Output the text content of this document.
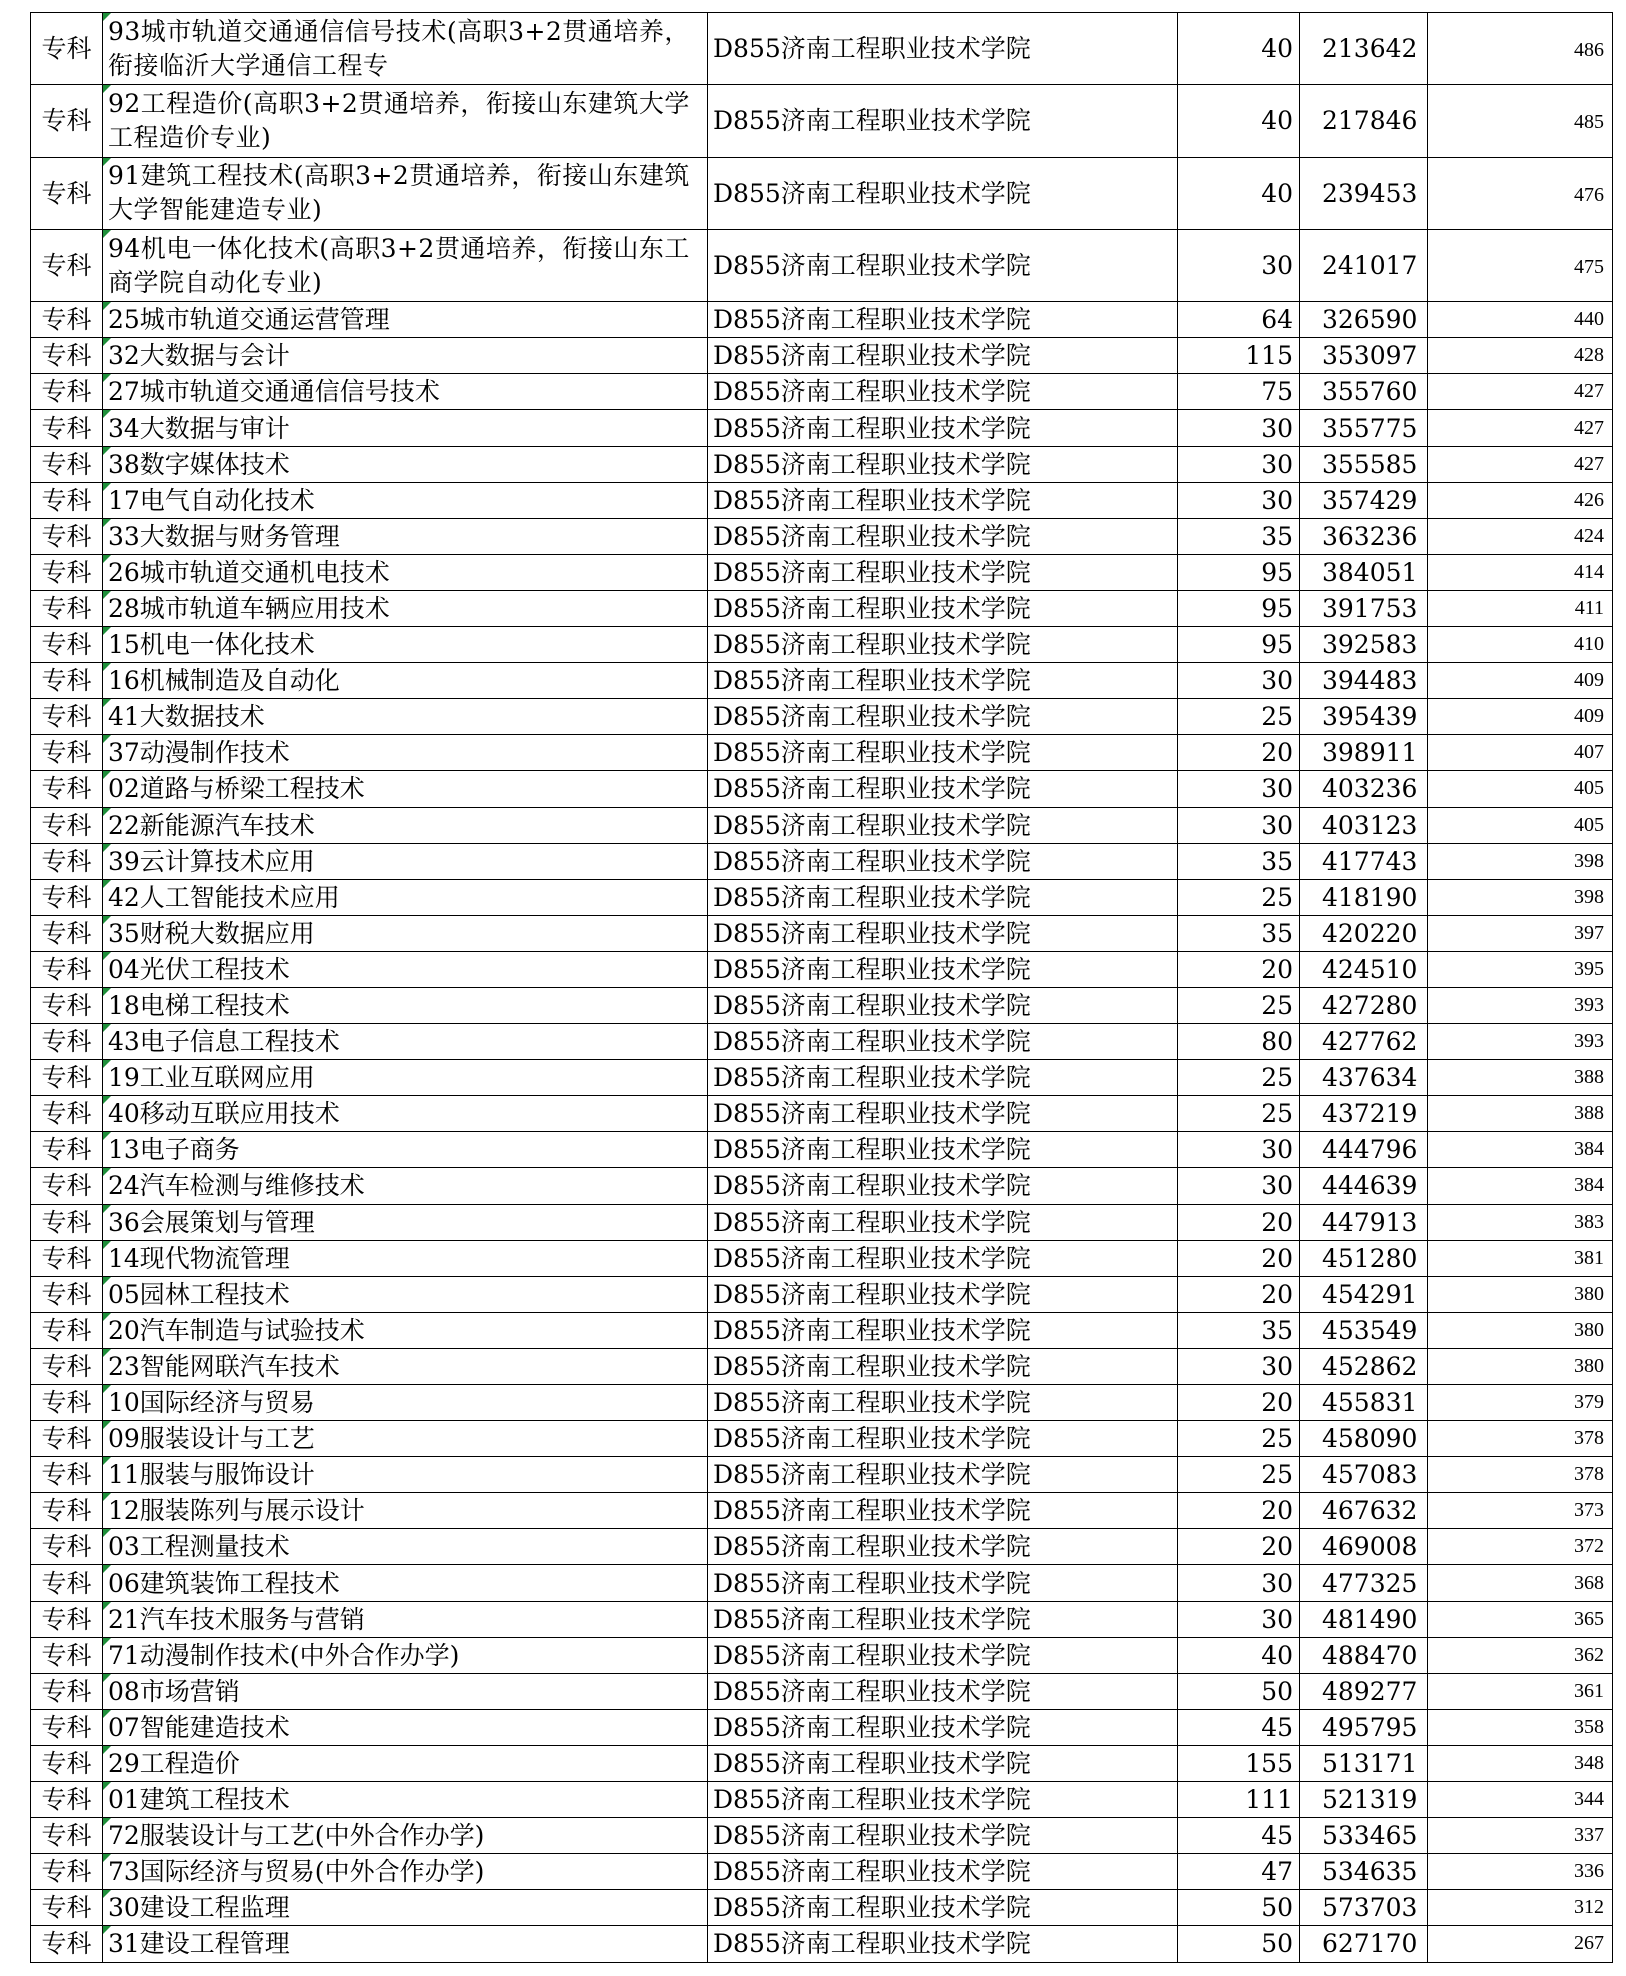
专科	93城市轨道交通通信信号技术(高职3+2贯通培养，衔接临沂大学通信工程专	D855济南工程职业技术学院	40	213642	486
专科	92工程造价(高职3+2贯通培养，衔接山东建筑大学工程造价专业)	D855济南工程职业技术学院	40	217846	485
专科	91建筑工程技术(高职3+2贯通培养，衔接山东建筑大学智能建造专业)	D855济南工程职业技术学院	40	239453	476
专科	94机电一体化技术(高职3+2贯通培养，衔接山东工商学院自动化专业)	D855济南工程职业技术学院	30	241017	475
专科	25城市轨道交通运营管理	D855济南工程职业技术学院	64	326590	440
专科	32大数据与会计	D855济南工程职业技术学院	115	353097	428
专科	27城市轨道交通通信信号技术	D855济南工程职业技术学院	75	355760	427
专科	34大数据与审计	D855济南工程职业技术学院	30	355775	427
专科	38数字媒体技术	D855济南工程职业技术学院	30	355585	427
专科	17电气自动化技术	D855济南工程职业技术学院	30	357429	426
专科	33大数据与财务管理	D855济南工程职业技术学院	35	363236	424
专科	26城市轨道交通机电技术	D855济南工程职业技术学院	95	384051	414
专科	28城市轨道车辆应用技术	D855济南工程职业技术学院	95	391753	411
专科	15机电一体化技术	D855济南工程职业技术学院	95	392583	410
专科	16机械制造及自动化	D855济南工程职业技术学院	30	394483	409
专科	41大数据技术	D855济南工程职业技术学院	25	395439	409
专科	37动漫制作技术	D855济南工程职业技术学院	20	398911	407
专科	02道路与桥梁工程技术	D855济南工程职业技术学院	30	403236	405
专科	22新能源汽车技术	D855济南工程职业技术学院	30	403123	405
专科	39云计算技术应用	D855济南工程职业技术学院	35	417743	398
专科	42人工智能技术应用	D855济南工程职业技术学院	25	418190	398
专科	35财税大数据应用	D855济南工程职业技术学院	35	420220	397
专科	04光伏工程技术	D855济南工程职业技术学院	20	424510	395
专科	18电梯工程技术	D855济南工程职业技术学院	25	427280	393
专科	43电子信息工程技术	D855济南工程职业技术学院	80	427762	393
专科	19工业互联网应用	D855济南工程职业技术学院	25	437634	388
专科	40移动互联应用技术	D855济南工程职业技术学院	25	437219	388
专科	13电子商务	D855济南工程职业技术学院	30	444796	384
专科	24汽车检测与维修技术	D855济南工程职业技术学院	30	444639	384
专科	36会展策划与管理	D855济南工程职业技术学院	20	447913	383
专科	14现代物流管理	D855济南工程职业技术学院	20	451280	381
专科	05园林工程技术	D855济南工程职业技术学院	20	454291	380
专科	20汽车制造与试验技术	D855济南工程职业技术学院	35	453549	380
专科	23智能网联汽车技术	D855济南工程职业技术学院	30	452862	380
专科	10国际经济与贸易	D855济南工程职业技术学院	20	455831	379
专科	09服装设计与工艺	D855济南工程职业技术学院	25	458090	378
专科	11服装与服饰设计	D855济南工程职业技术学院	25	457083	378
专科	12服装陈列与展示设计	D855济南工程职业技术学院	20	467632	373
专科	03工程测量技术	D855济南工程职业技术学院	20	469008	372
专科	06建筑装饰工程技术	D855济南工程职业技术学院	30	477325	368
专科	21汽车技术服务与营销	D855济南工程职业技术学院	30	481490	365
专科	71动漫制作技术(中外合作办学)	D855济南工程职业技术学院	40	488470	362
专科	08市场营销	D855济南工程职业技术学院	50	489277	361
专科	07智能建造技术	D855济南工程职业技术学院	45	495795	358
专科	29工程造价	D855济南工程职业技术学院	155	513171	348
专科	01建筑工程技术	D855济南工程职业技术学院	111	521319	344
专科	72服装设计与工艺(中外合作办学)	D855济南工程职业技术学院	45	533465	337
专科	73国际经济与贸易(中外合作办学)	D855济南工程职业技术学院	47	534635	336
专科	30建设工程监理	D855济南工程职业技术学院	50	573703	312
专科	31建设工程管理	D855济南工程职业技术学院	50	627170	267
